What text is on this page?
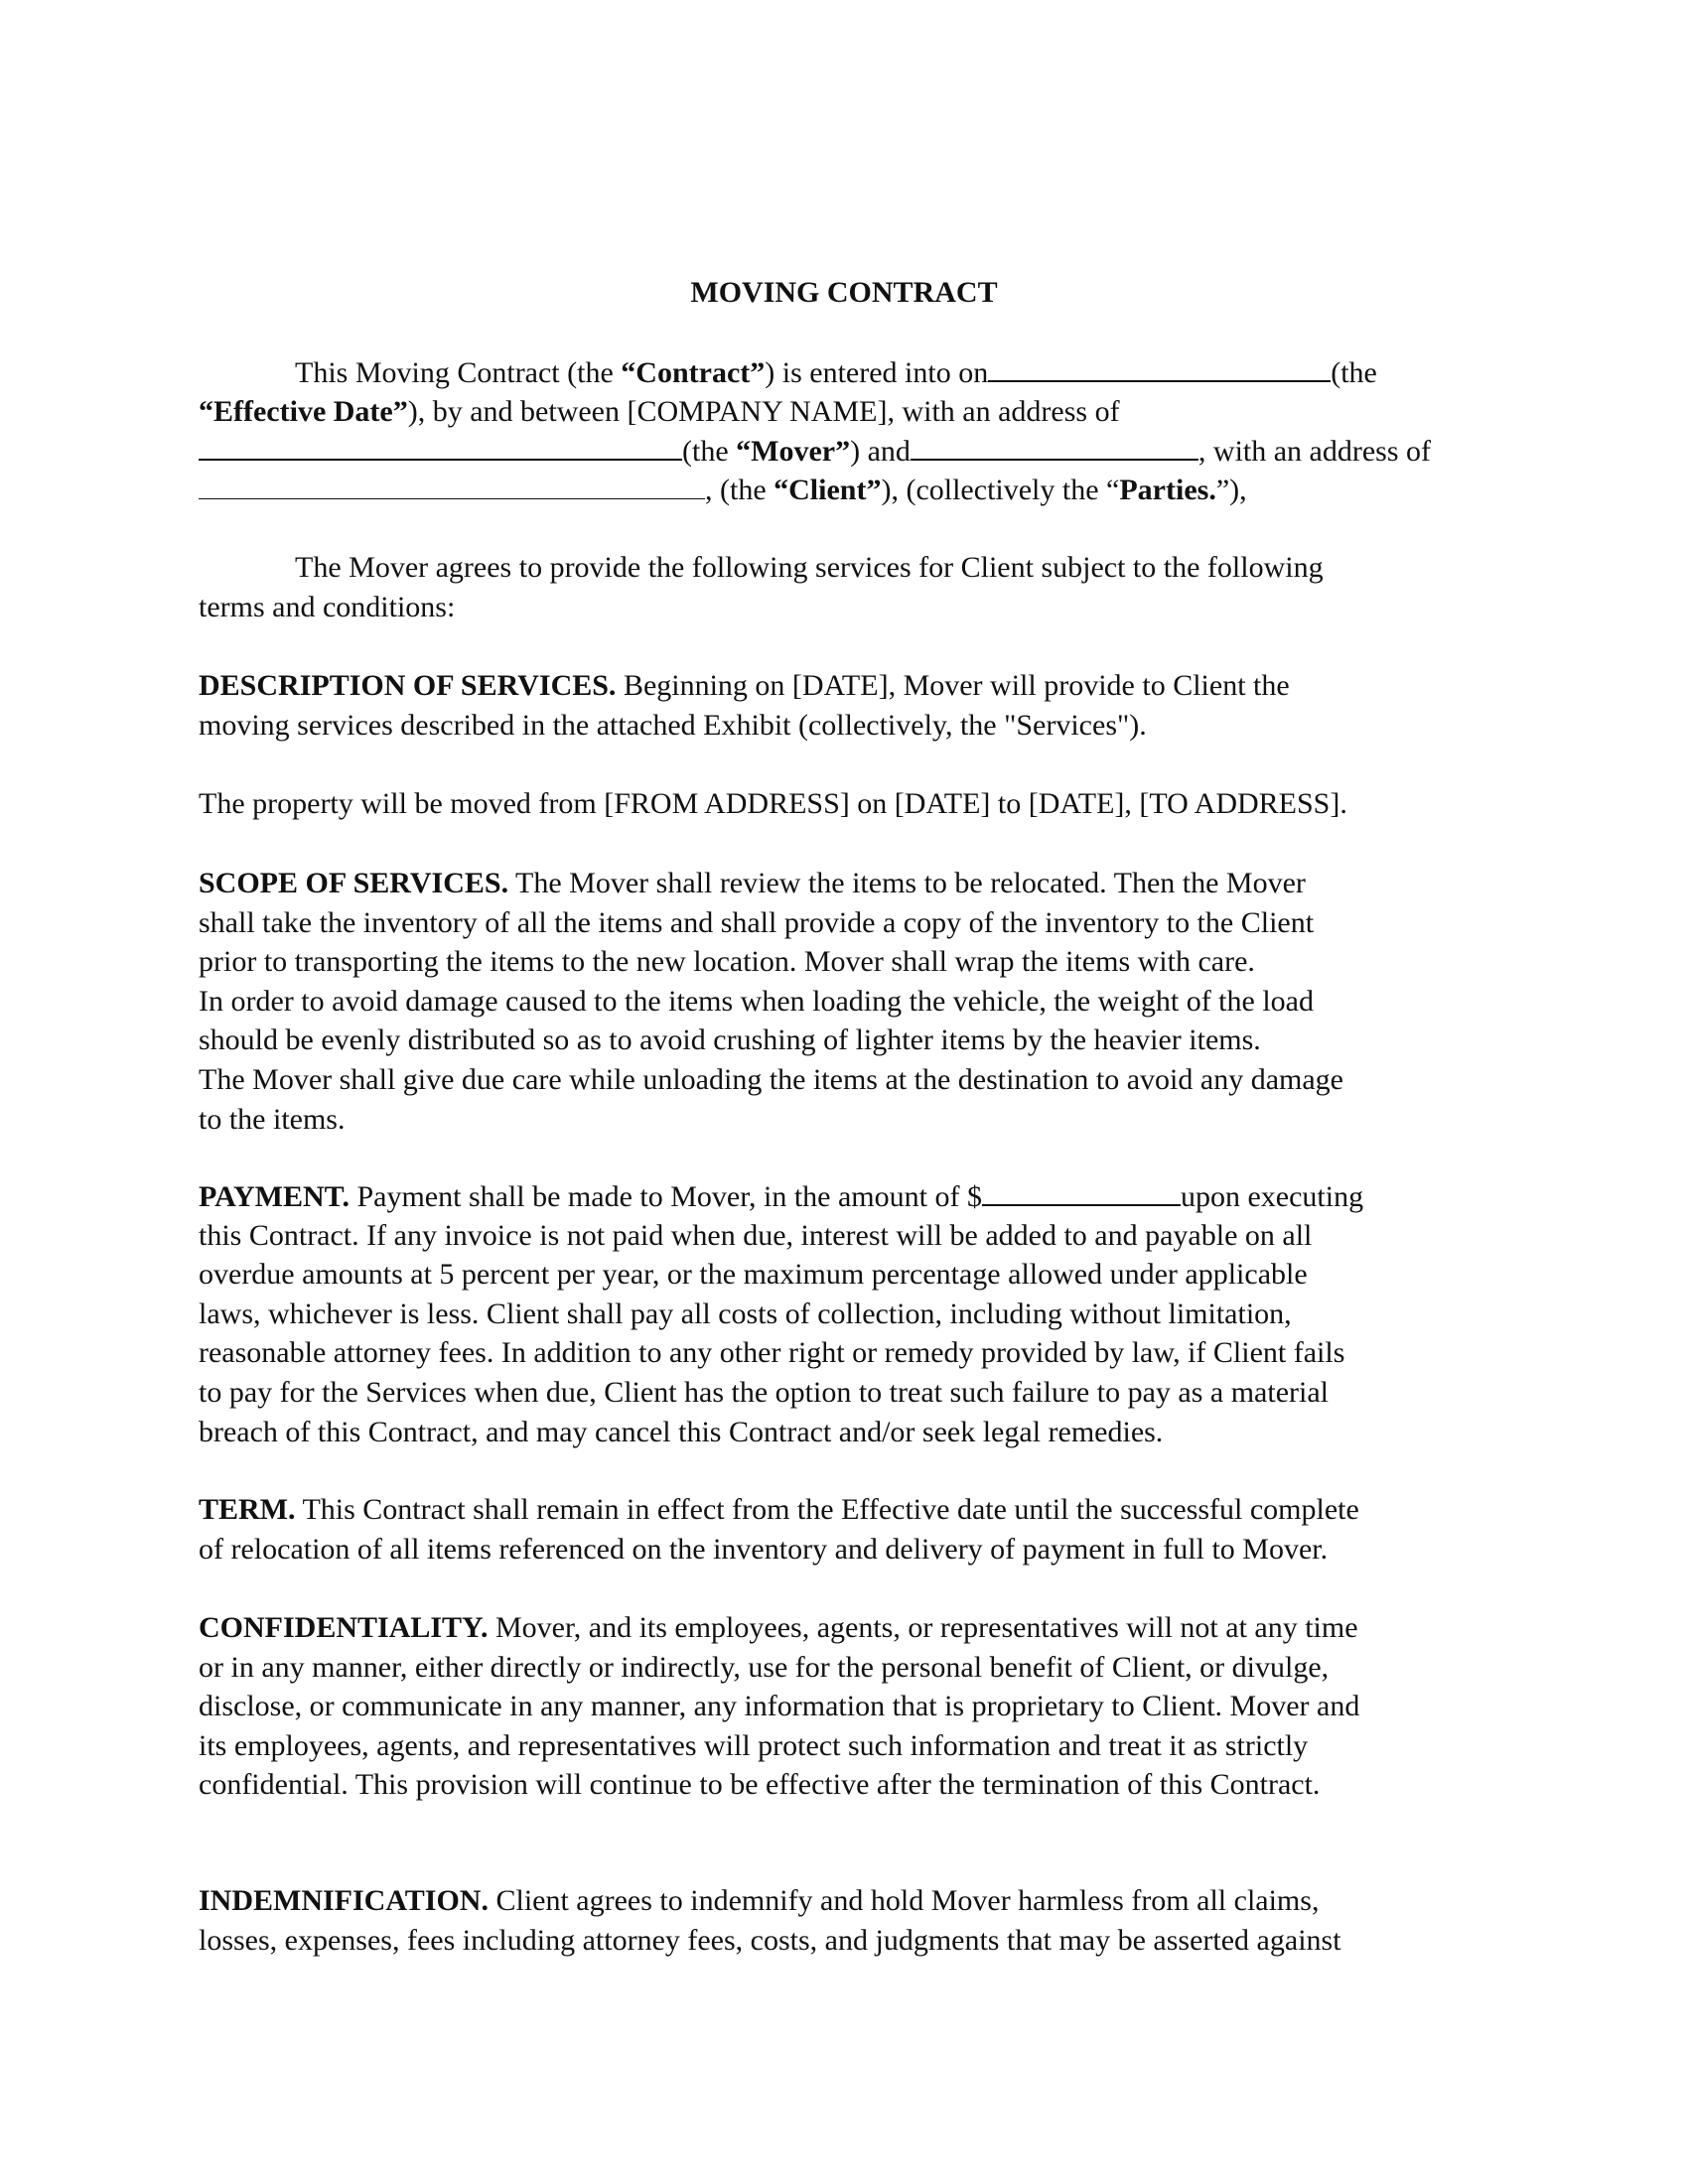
MOVING CONTRACT
This Moving Contract (the “Contract”) is entered into on	(the
“Effective Date”), by and between [COMPANY NAME], with an address of
(the “Mover”) and	, with an address of
, (the “Client”), (collectively the “Parties.”),
The Mover agrees to provide the following services for Client subject to the following
terms and conditions:
DESCRIPTION OF SERVICES. Beginning on [DATE], Mover will provide to Client the
moving services described in the attached Exhibit (collectively, the "Services").
The property will be moved from [FROM ADDRESS] on [DATE] to [DATE], [TO ADDRESS].
SCOPE OF SERVICES. The Mover shall review the items to be relocated. Then the Mover
shall take the inventory of all the items and shall provide a copy of the inventory to the Client
prior to transporting the items to the new location. Mover shall wrap the items with care.
In order to avoid damage caused to the items when loading the vehicle, the weight of the load
should be evenly distributed so as to avoid crushing of lighter items by the heavier items.
The Mover shall give due care while unloading the items at the destination to avoid any damage
to the items.
PAYMENT. Payment shall be made to Mover, in the amount of $	upon executing
this Contract. If any invoice is not paid when due, interest will be added to and payable on all
overdue amounts at 5 percent per year, or the maximum percentage allowed under applicable
laws, whichever is less. Client shall pay all costs of collection, including without limitation,
reasonable attorney fees. In addition to any other right or remedy provided by law, if Client fails
to pay for the Services when due, Client has the option to treat such failure to pay as a material
breach of this Contract, and may cancel this Contract and/or seek legal remedies.
TERM. This Contract shall remain in effect from the Effective date until the successful complete
of relocation of all items referenced on the inventory and delivery of payment in full to Mover.
CONFIDENTIALITY. Mover, and its employees, agents, or representatives will not at any time
or in any manner, either directly or indirectly, use for the personal benefit of Client, or divulge,
disclose, or communicate in any manner, any information that is proprietary to Client. Mover and
its employees, agents, and representatives will protect such information and treat it as strictly
confidential. This provision will continue to be effective after the termination of this Contract.
INDEMNIFICATION. Client agrees to indemnify and hold Mover harmless from all claims,
losses, expenses, fees including attorney fees, costs, and judgments that may be asserted against
